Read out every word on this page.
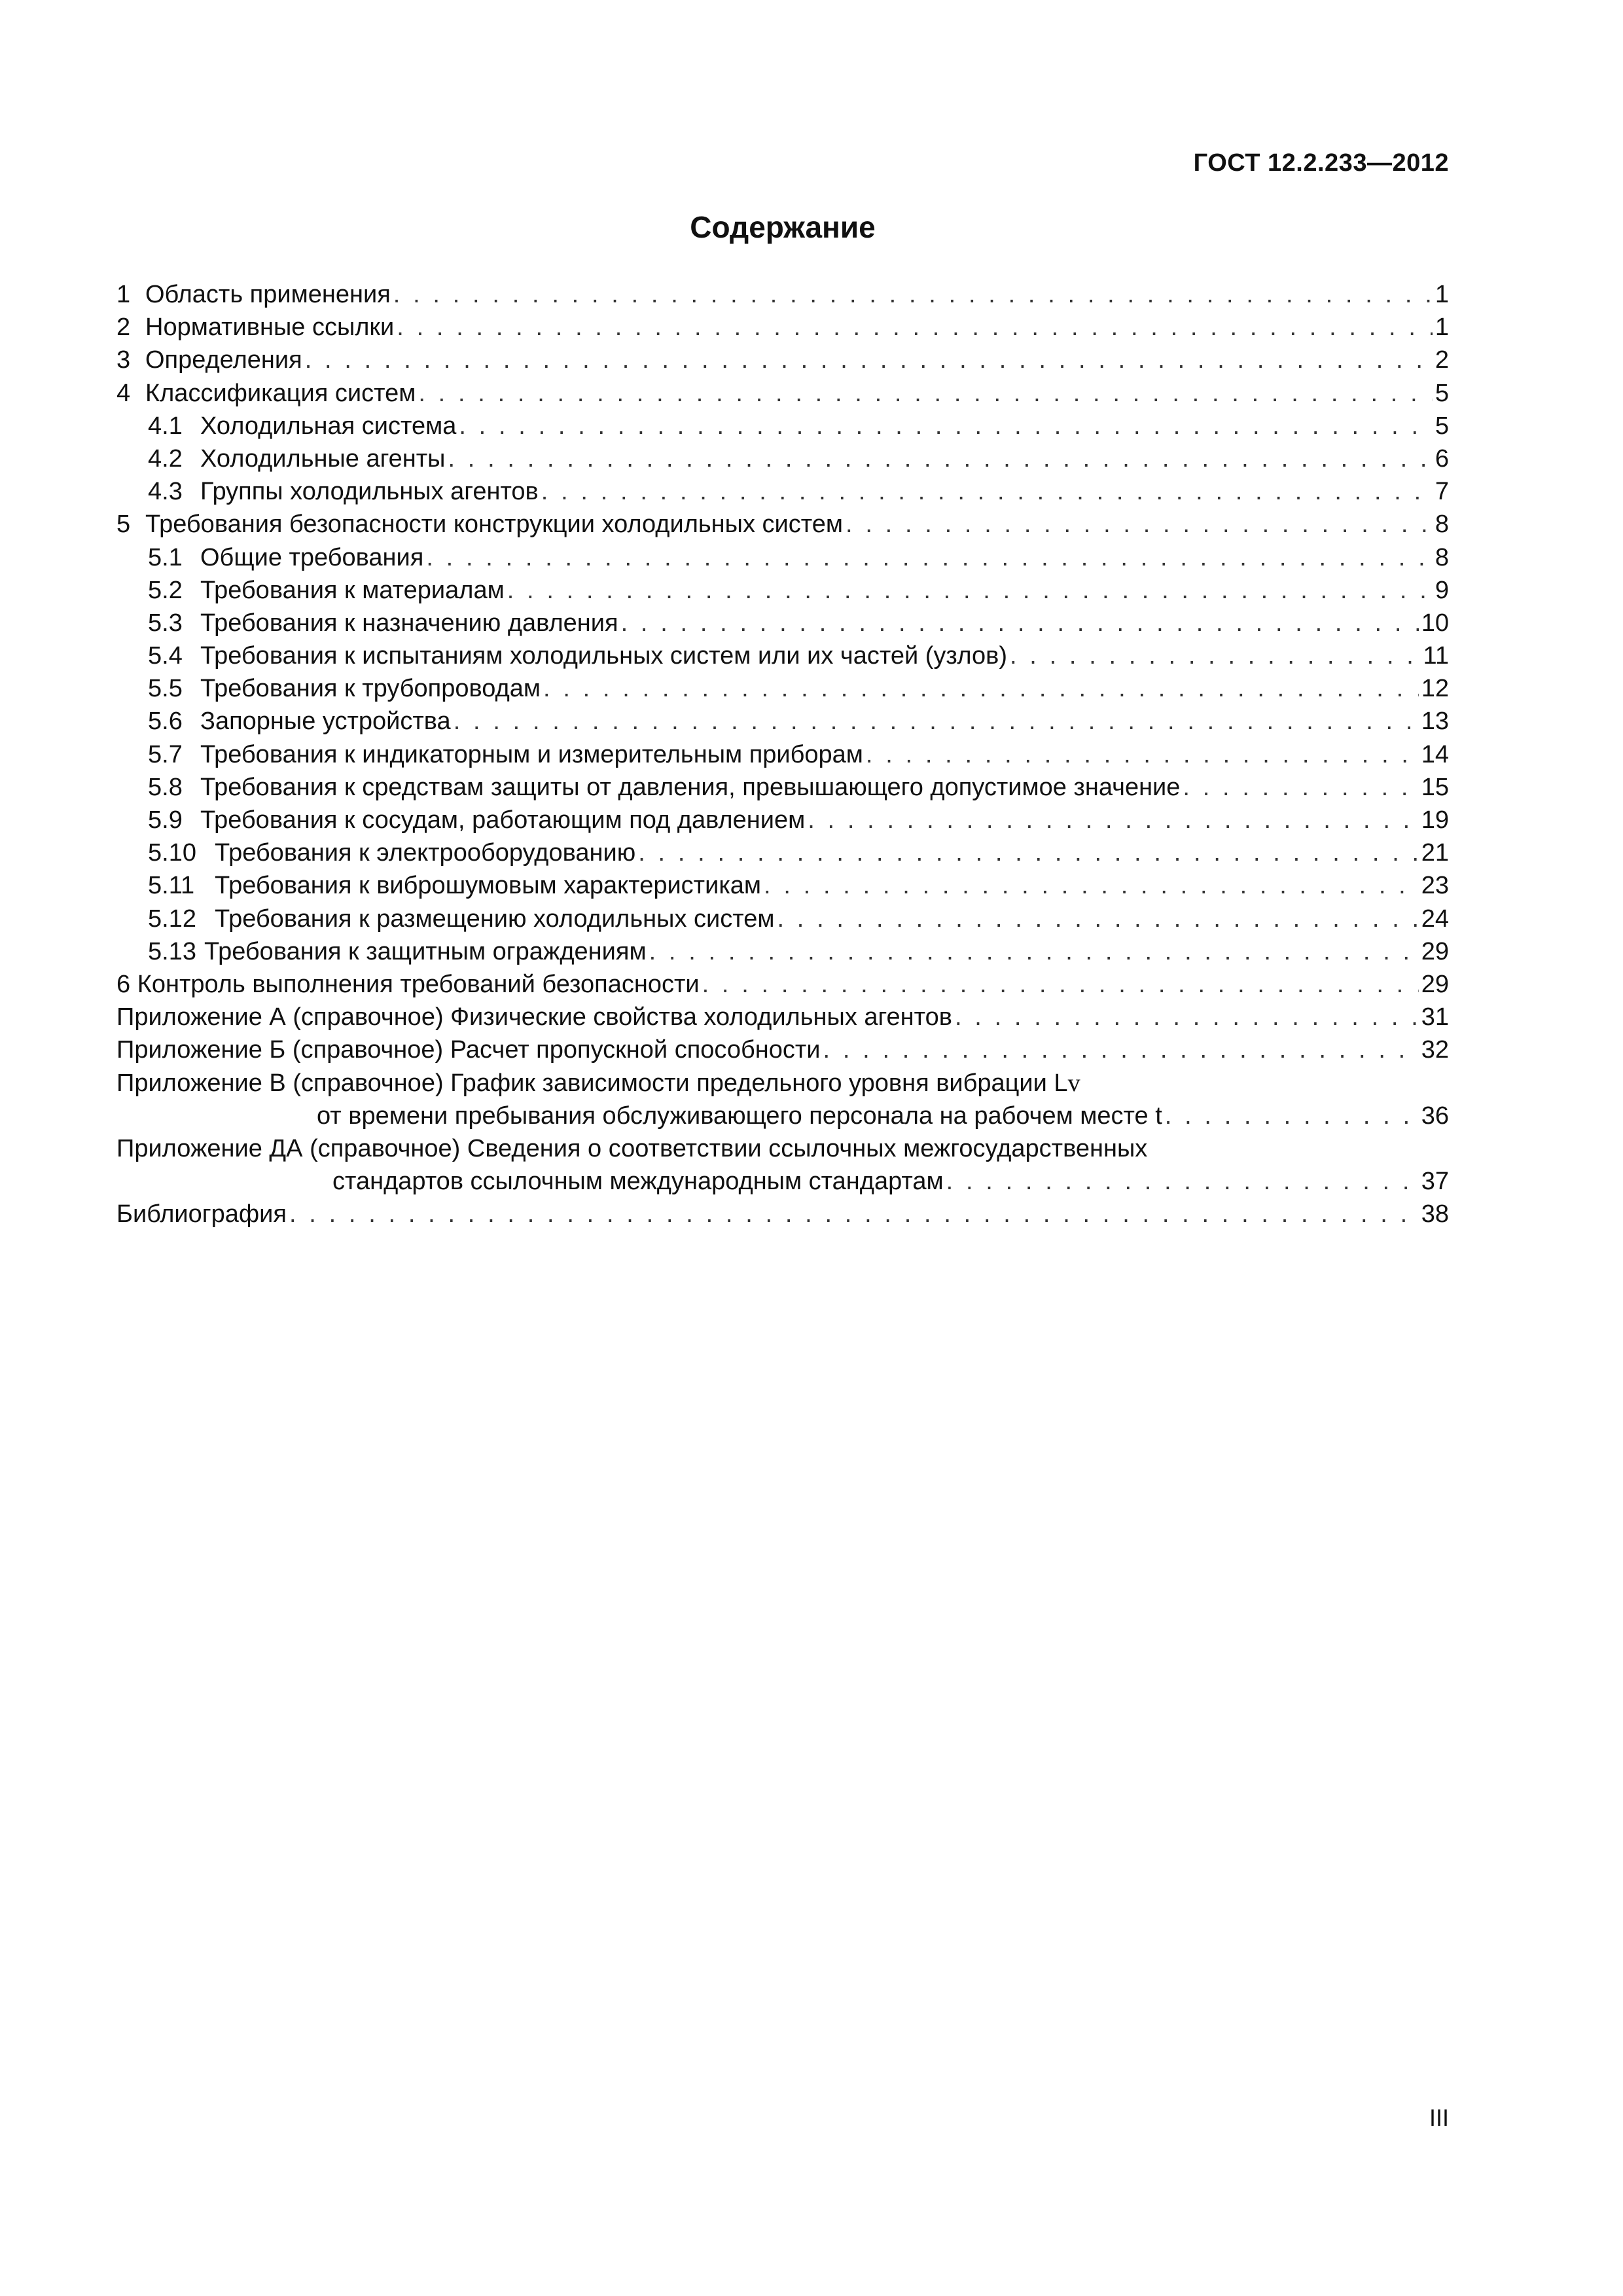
ГОСТ 12.2.233—2012
Содержание
1 Область применения . . .	1
2 Нормативные ссылки . . .	1
3 Определения . . .	2
4 Классификация систем . . .	5
4.1 Холодильная система . . .	5
4.2 Холодильные агенты . . .	6
4.3 Группы холодильных агентов . . .	7
5 Требования безопасности конструкции холодильных систем . . .	8
5.1 Общие требования . . .	8
5.2 Требования к материалам . . .	9
5.3 Требования к назначению давления . . .	10
5.4 Требования к испытаниям холодильных систем или их частей (узлов) . . .	11
5.5 Требования к трубопроводам . . .	12
5.6 Запорные устройства . . .	13
5.7 Требования к индикаторным и измерительным приборам . . .	14
5.8 Требования к средствам защиты от давления, превышающего допустимое значение . . .	15
5.9 Требования к сосудам, работающим под давлением . . .	19
5.10 Требования к электрооборудованию . . .	21
5.11 Требования к виброшумовым характеристикам . . .	23
5.12 Требования к размещению холодильных систем . . .	24
5.13 Требования к защитным ограждениям . . .	29
6 Контроль выполнения требований безопасности . . .	29
Приложение А (справочное) Физические свойства холодильных агентов . . .	31
Приложение Б (справочное) Расчет пропускной способности . . .	32
Приложение В (справочное) График зависимости предельного уровня вибрации Lv
от времени пребывания обслуживающего персонала на рабочем месте t . . .	36
Приложение ДА (справочное) Сведения о соответствии ссылочных межгосударственных
стандартов ссылочным международным стандартам . . .	37
Библиография . . .	38
III
